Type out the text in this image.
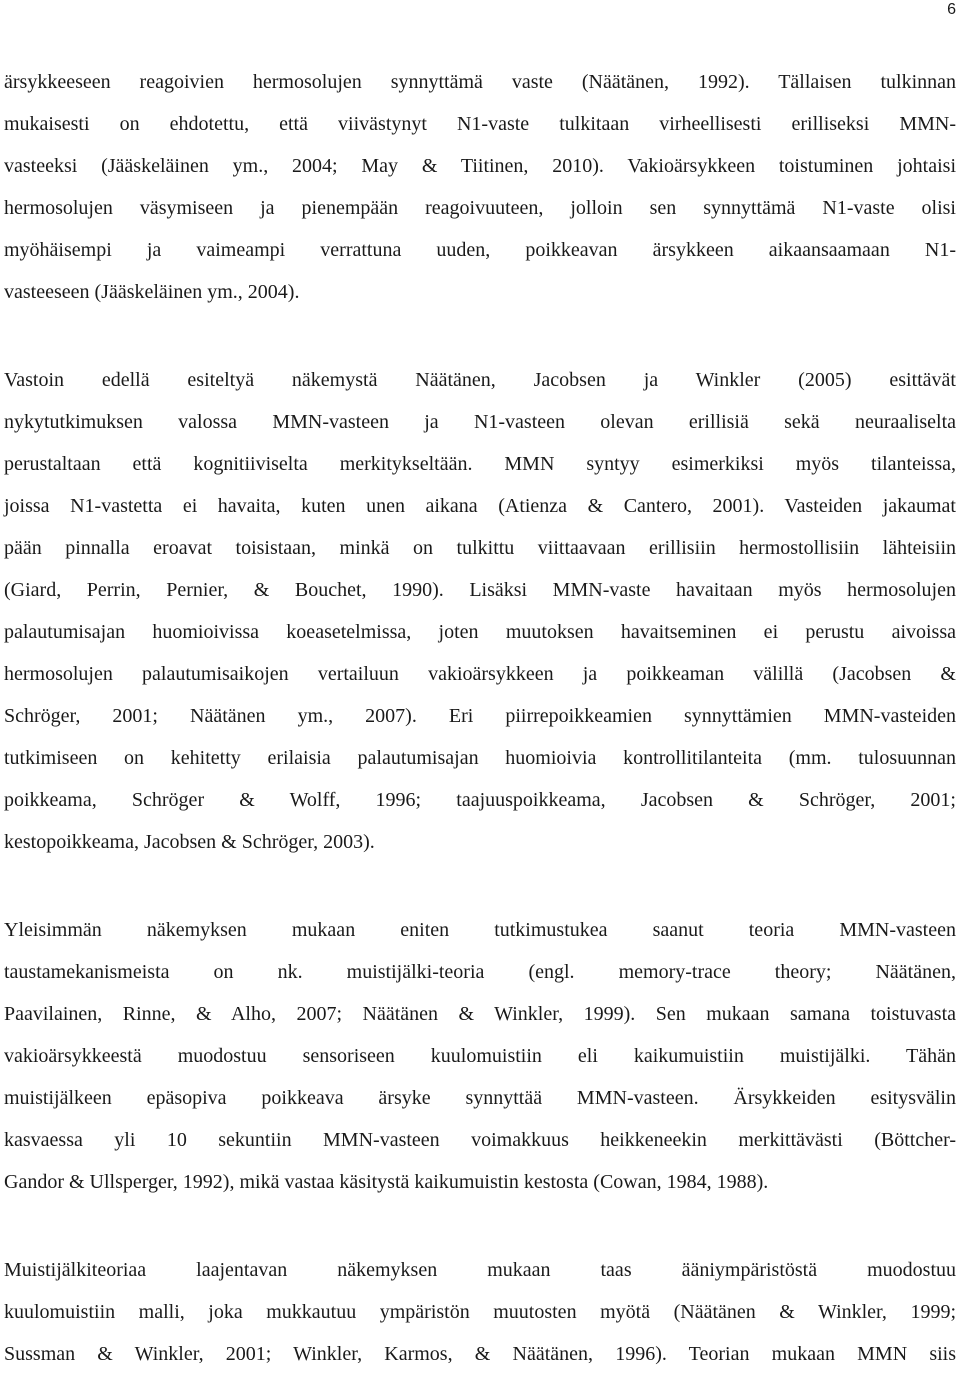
6
ärsykkeeseen reagoivien hermosolujen synnyttämä vaste (Näätänen, 1992). Tällaisen tulkinnan
mukaisesti on ehdotettu, että viivästynyt N1-vaste tulkitaan virheellisesti erilliseksi MMN-
vasteeksi (Jääskeläinen ym., 2004; May & Tiitinen, 2010). Vakioärsykkeen toistuminen johtaisi
hermosolujen väsymiseen ja pienempään reagoivuuteen, jolloin sen synnyttämä N1-vaste olisi
myöhäisempi ja vaimeampi verrattuna uuden, poikkeavan ärsykkeen aikaansaamaan N1-
vasteeseen (Jääskeläinen ym., 2004).
Vastoin edellä esiteltyä näkemystä Näätänen, Jacobsen ja Winkler (2005) esittävät
nykytutkimuksen valossa MMN-vasteen ja N1-vasteen olevan erillisiä sekä neuraaliselta
perustaltaan että kognitiiviselta merkitykseltään. MMN syntyy esimerkiksi myös tilanteissa,
joissa N1-vastetta ei havaita, kuten unen aikana (Atienza & Cantero, 2001). Vasteiden jakaumat
pään pinnalla eroavat toisistaan, minkä on tulkittu viittaavaan erillisiin hermostollisiin lähteisiin
(Giard, Perrin, Pernier, & Bouchet, 1990). Lisäksi MMN-vaste havaitaan myös hermosolujen
palautumisajan huomioivissa koeasetelmissa, joten muutoksen havaitseminen ei perustu aivoissa
hermosolujen palautumisaikojen vertailuun vakioärsykkeen ja poikkeaman välillä (Jacobsen &
Schröger, 2001; Näätänen ym., 2007). Eri piirrepoikkeamien synnyttämien MMN-vasteiden
tutkimiseen on kehitetty erilaisia palautumisajan huomioivia kontrollitilanteita (mm. tulosuunnan
poikkeama, Schröger & Wolff, 1996; taajuuspoikkeama, Jacobsen & Schröger, 2001;
kestopoikkeama, Jacobsen & Schröger, 2003).
Yleisimmän näkemyksen mukaan eniten tutkimustukea saanut teoria MMN-vasteen
taustamekanismeista on nk. muistijälki-teoria (engl. memory-trace theory; Näätänen,
Paavilainen, Rinne, & Alho, 2007; Näätänen & Winkler, 1999). Sen mukaan samana toistuvasta
vakioärsykkeestä muodostuu sensoriseen kuulomuistiin eli kaikumuistiin muistijälki. Tähän
muistijälkeen epäsopiva poikkeava ärsyke synnyttää MMN-vasteen. Ärsykkeiden esitysvälin
kasvaessa yli 10 sekuntiin MMN-vasteen voimakkuus heikkeneekin merkittävästi (Böttcher-
Gandor & Ullsperger, 1992), mikä vastaa käsitystä kaikumuistin kestosta (Cowan, 1984, 1988).
Muistijälkiteoriaa laajentavan näkemyksen mukaan taas ääniympäristöstä muodostuu
kuulomuistiin malli, joka mukkautuu ympäristön muutosten myötä (Näätänen & Winkler, 1999;
Sussman & Winkler, 2001; Winkler, Karmos, & Näätänen, 1996). Teorian mukaan MMN siis
